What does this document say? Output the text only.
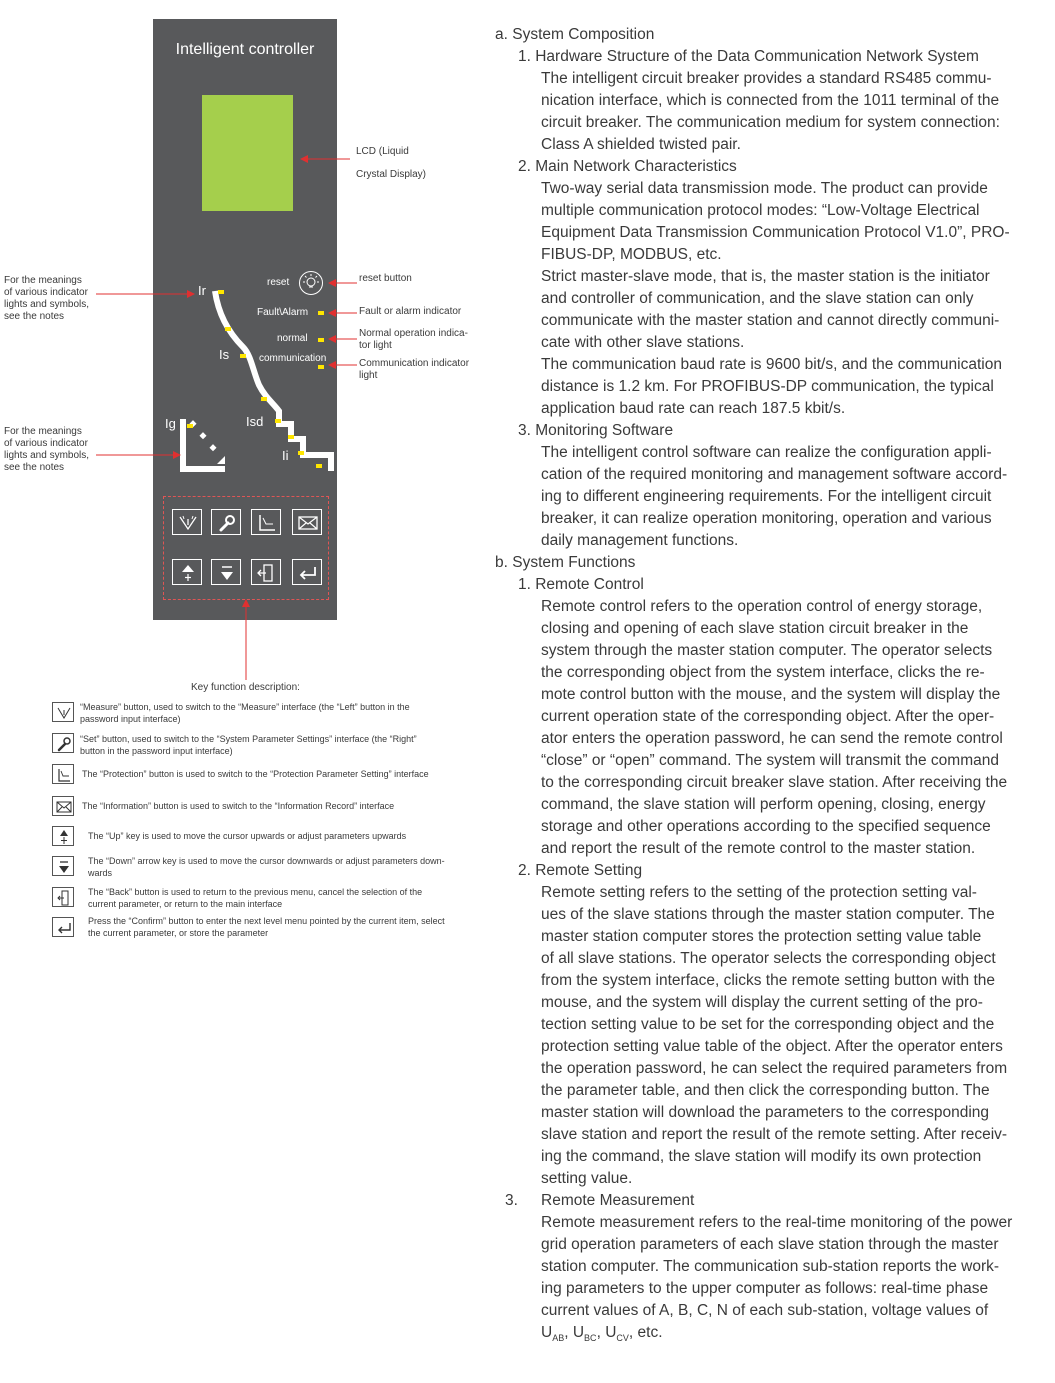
Intelligent controller
Ir
Is
Ig	Isd
Ii
reset
Fault\Alarm
normal
communication
LCD (Liquid
Crystal Display)
reset button
Fault or alarm indicator
Normal operation indica-
tor light
Communication indicator
light
For the meanings
of various indicator
lights and symbols,
see the notes
For the meanings
of various indicator
lights and symbols,
see the notes
Key function description:
“Measure” button, used to switch to the “Measure” interface (the “Left” button in the
password input interface)
“Set” button, used to switch to the “System Parameter Settings” interface (the “Right”
button in the password input interface)
The “Protection” button is used to switch to the “Protection Parameter Setting” interface
The “Information” button is used to switch to the “Information Record” interface
The “Up” key is used to move the cursor upwards or adjust parameters upwards
The “Down” arrow key is used to move the cursor downwards or adjust parameters down-
wards
The “Back” button is used to return to the previous menu, cancel the selection of the
current parameter, or return to the main interface
Press the “Confirm” button to enter the next level menu pointed by the current item, select
the current parameter, or store the parameter
a. System Composition
1. Hardware Structure of the Data Communication Network System
The intelligent circuit breaker provides a standard RS485 commu-
nication interface, which is connected from the 1011 terminal of the
circuit breaker. The communication medium for system connection:
Class A shielded twisted pair.
2. Main Network Characteristics
Two-way serial data transmission mode. The product can provide
multiple communication protocol modes: “Low-Voltage Electrical
Equipment Data Transmission Communication Protocol V1.0”, PRO-
FIBUS-DP, MODBUS, etc.
Strict master-slave mode, that is, the master station is the initiator
and controller of communication, and the slave station can only
communicate with the master station and cannot directly communi-
cate with other slave stations.
The communication baud rate is 9600 bit/s, and the communication
distance is 1.2 km. For PROFIBUS-DP communication, the typical
application baud rate can reach 187.5 kbit/s.
3. Monitoring Software
The intelligent control software can realize the configuration appli-
cation of the required monitoring and management software accord-
ing to different engineering requirements. For the intelligent circuit
breaker, it can realize operation monitoring, operation and various
daily management functions.
b. System Functions
1. Remote Control
Remote control refers to the operation control of energy storage,
closing and opening of each slave station circuit breaker in the
system through the master station computer. The operator selects
the corresponding object from the system interface, clicks the re-
mote control button with the mouse, and the system will display the
current operation state of the corresponding object. After the oper-
ator enters the operation password, he can send the remote control
“close” or “open” command. The system will transmit the command
to the corresponding circuit breaker slave station. After receiving the
command, the slave station will perform opening, closing, energy
storage and other operations according to the specified sequence
and report the result of the remote control to the master station.
2. Remote Setting
Remote setting refers to the setting of the protection setting val-
ues of the slave stations through the master station computer. The
master station computer stores the protection setting value table
of all slave stations. The operator selects the corresponding object
from the system interface, clicks the remote setting button with the
mouse, and the system will display the current setting of the pro-
tection setting value to be set for the corresponding object and the
protection setting value table of the object. After the operator enters
the operation password, he can select the required parameters from
the parameter table, and then click the corresponding button. The
master station will download the parameters to the corresponding
slave station and report the result of the remote setting. After receiv-
ing the command, the slave station will modify its own protection
setting value.
3. Remote Measurement
Remote measurement refers to the real-time monitoring of the power
grid operation parameters of each slave station through the master
station computer. The communication sub-station reports the work-
ing parameters to the upper computer as follows: real-time phase
current values of A, B, C, N of each sub-station, voltage values of
$U_{AB}$, $U_{BC}$, $U_{CV}$, etc.
